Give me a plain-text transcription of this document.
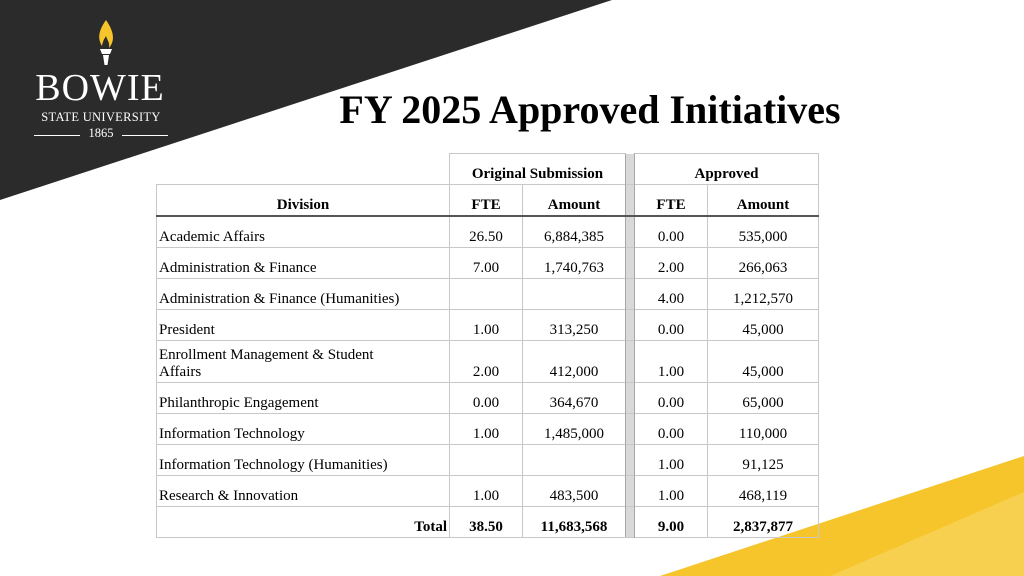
BOWIE
STATE UNIVERSITY
1865
FY 2025 Approved Initiatives
	Original Submission			Approved	
Division	FTE	Amount		FTE	Amount
Academic Affairs	26.50	6,884,385		0.00	535,000
Administration & Finance	7.00	1,740,763		2.00	266,063
Administration & Finance (Humanities)				4.00	1,212,570
President	1.00	313,250		0.00	45,000

Enrollment Management & Student
Affairs	2.00	412,000		1.00	45,000
Philanthropic Engagement	0.00	364,670		0.00	65,000
Information Technology	1.00	1,485,000		0.00	110,000
Information Technology (Humanities)				1.00	91,125
Research & Innovation	1.00	483,500		1.00	468,119
Total	38.50	11,683,568		9.00	2,837,877
